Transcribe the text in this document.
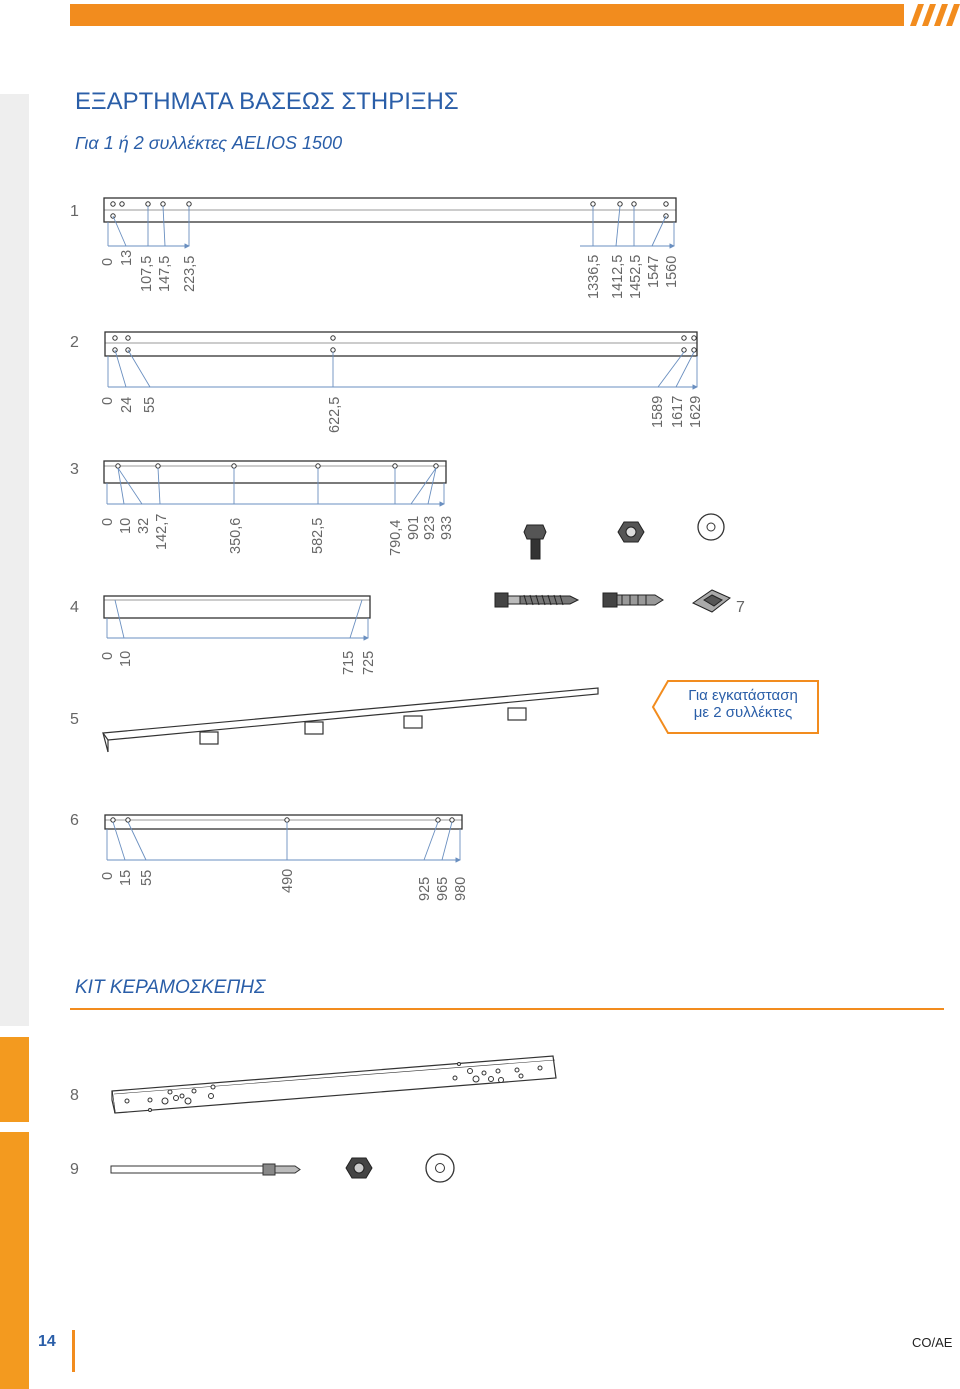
ΕΞΑΡΤΗΜΑΤΑ ΒΑΣΕΩΣ ΣΤΗΡΙΞΗΣ
Για 1 ή 2 συλλέκτες AELIOS 1500
1
2
3
4
5
6
7
8
9
0 13 107,5 147,5 223,5	1336,5 1412,5 1452,5 1547 1560
0 24 55	622,5	1589 1617 1629
0 10 32 142,7	350,6	582,5	790,4 901 923 933
0 10	715 725
0 15 55	490	925 965 980
Για εγκατάσταση
με 2 συλλέκτες
ΚΙΤ ΚΕΡΑΜΟΣΚΕΠΗΣ
14	CO/AE
